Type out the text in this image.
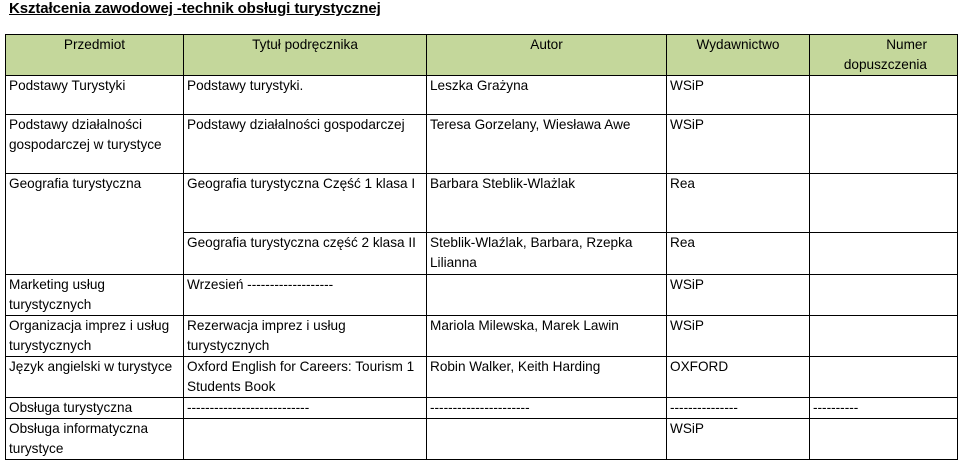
Kształcenia zawodowej -technik obsługi turystycznej
Przedmiot	Tytuł podręcznika	Autor	Wydawnictwo	Numer dopuszczenia
Podstawy Turystyki	Podstawy turystyki.	Leszka Grażyna	WSiP	
Podstawy działalności gospodarczej w turystyce	Podstawy działalności gospodarczej	Teresa Gorzelany, Wiesława Awe	WSiP	
Geografia turystyczna	Geografia turystyczna Część 1 klasa I	Barbara Steblik-Wlażlak	Rea	
	Geografia turystyczna część 2 klasa II	Steblik-Wlaźlak, Barbara, Rzepka Lilianna	Rea	
Marketing usług turystycznych	Wrzesień -------------------		WSiP	
Organizacja imprez i usług turystycznych	Rezerwacja imprez i usług turystycznych	Mariola Milewska, Marek Lawin	WSiP	
Język angielski w turystyce	Oxford English for Careers: Tourism 1 Students Book	Robin Walker, Keith Harding	OXFORD	
Obsługa turystyczna	---------------------------	----------------------	---------------	----------
Obsługa informatyczna turystyce			WSiP	
